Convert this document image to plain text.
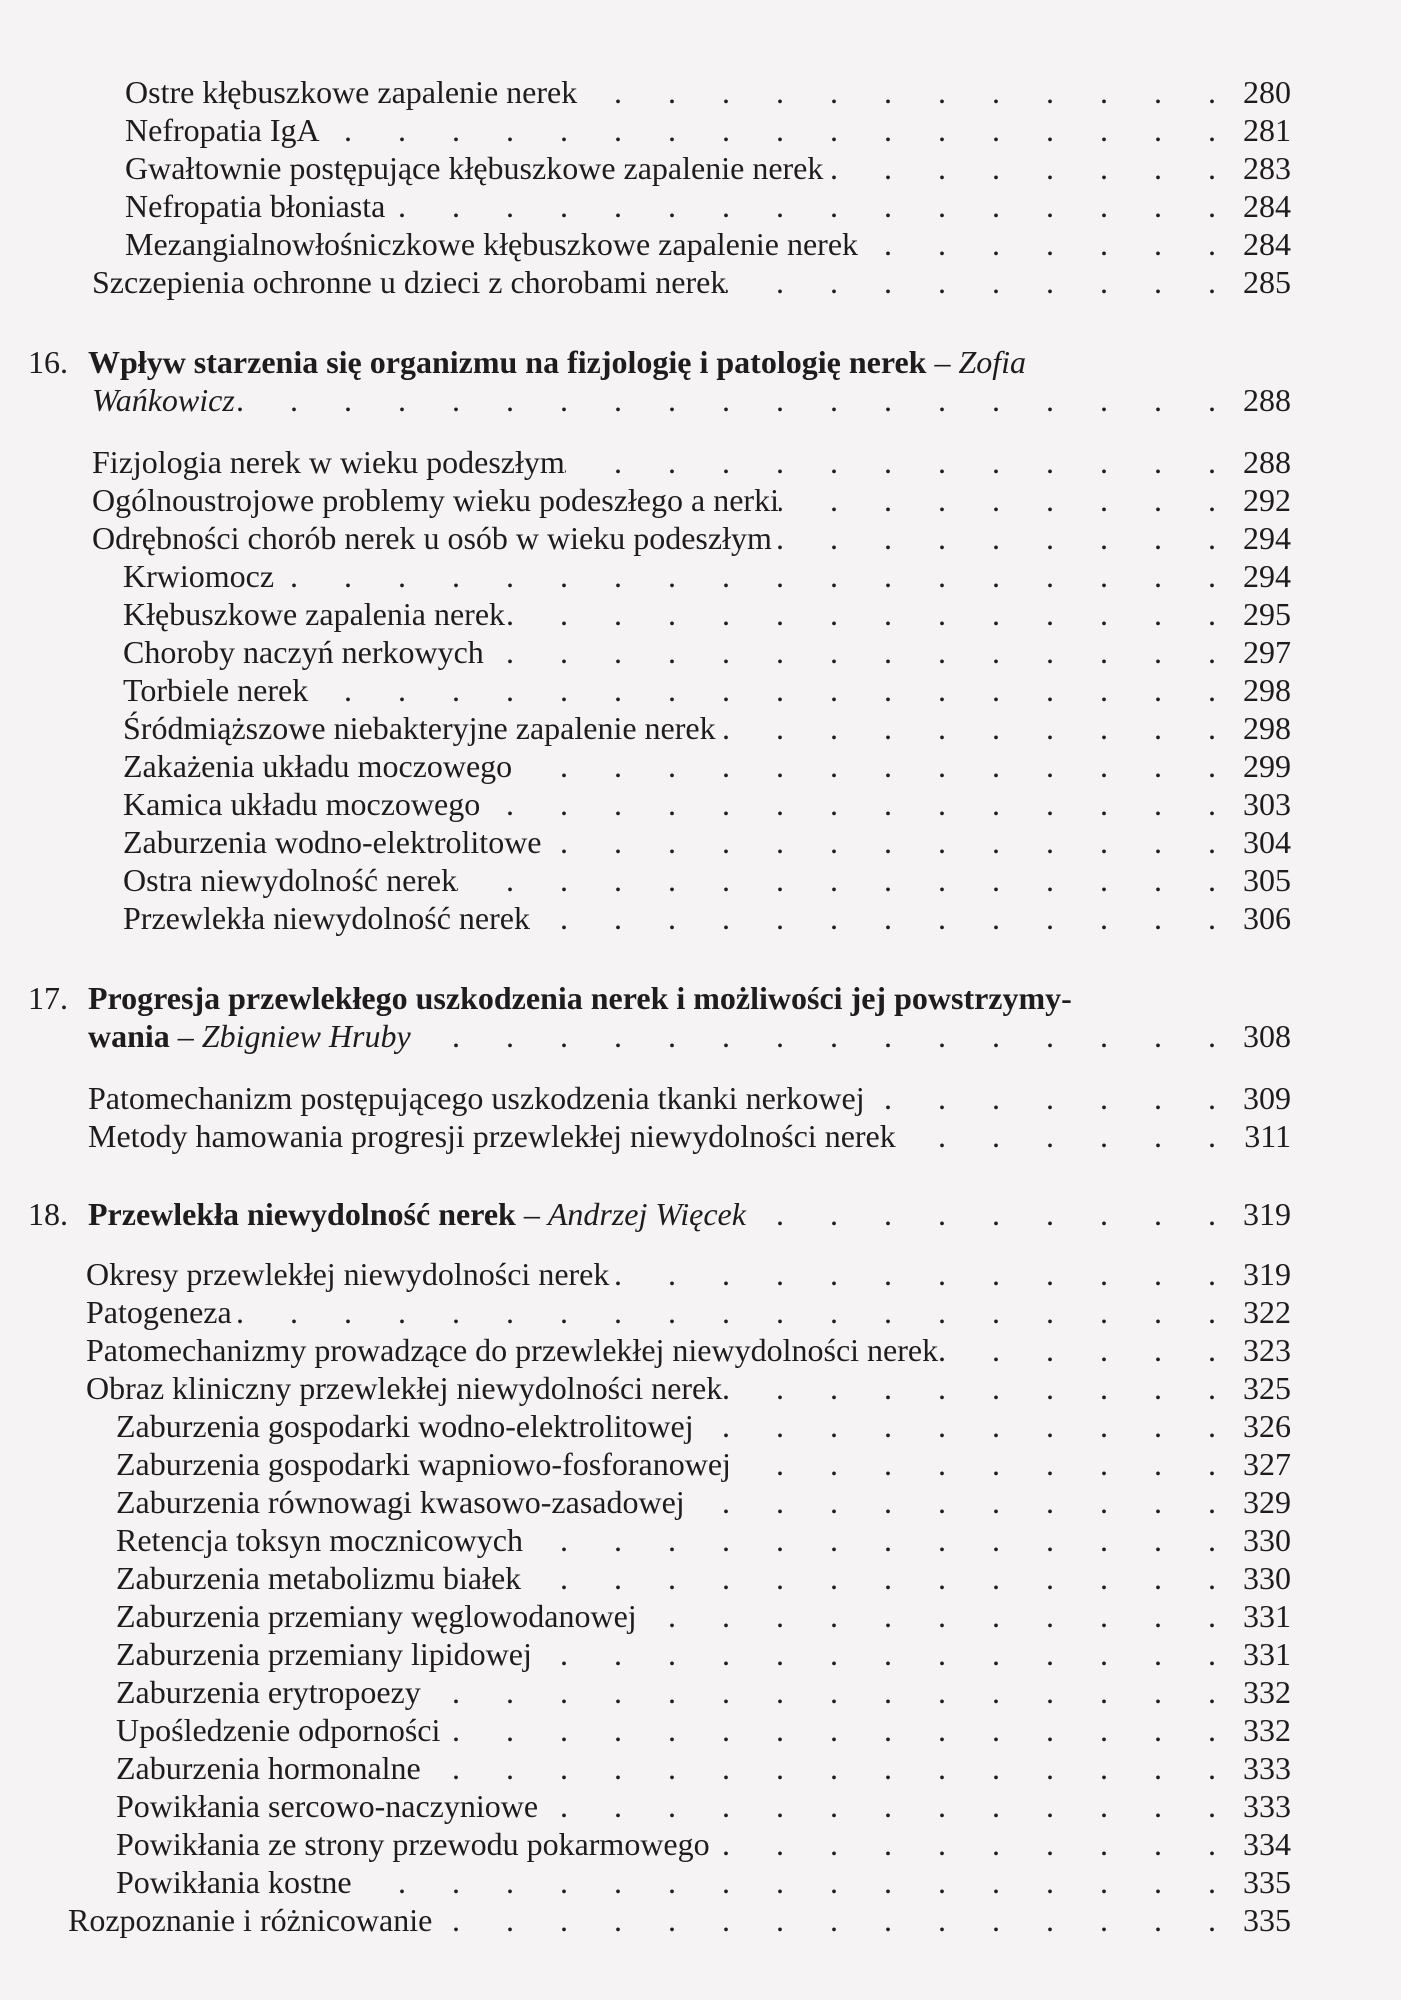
Ostre kłębuszkowe zapalenie nerek . . .	280
Nefropatia IgA . . .	281
Gwałtownie postępujące kłębuszkowe zapalenie nerek . . .	283
Nefropatia błoniasta . . .	284
Mezangialnowłośniczkowe kłębuszkowe zapalenie nerek . . .	284
Szczepienia ochronne u dzieci z chorobami nerek . . .	285
16. Wpływ starzenia się organizmu na fizjologię i patologię nerek – Zofia
Wańkowicz . . .	288
Fizjologia nerek w wieku podeszłym . . .	288
Ogólnoustrojowe problemy wieku podeszłego a nerki . . .	292
Odrębności chorób nerek u osób w wieku podeszłym . . .	294
Krwiomocz . . .	294
Kłębuszkowe zapalenia nerek . . .	295
Choroby naczyń nerkowych . . .	297
Torbiele nerek . . .	298
Śródmiąższowe niebakteryjne zapalenie nerek . . .	298
Zakażenia układu moczowego . . .	299
Kamica układu moczowego . . .	303
Zaburzenia wodno-elektrolitowe . . .	304
Ostra niewydolność nerek . . .	305
Przewlekła niewydolność nerek . . .	306
17. Progresja przewlekłego uszkodzenia nerek i możliwości jej powstrzymy-
wania – Zbigniew Hruby . . .	308
Patomechanizm postępującego uszkodzenia tkanki nerkowej . . .	309
Metody hamowania progresji przewlekłej niewydolności nerek . . .	311
18. Przewlekła niewydolność nerek – Andrzej Więcek . . .	319
Okresy przewlekłej niewydolności nerek . . .	319
Patogeneza . . .	322
Patomechanizmy prowadzące do przewlekłej niewydolności nerek . . .	323
Obraz kliniczny przewlekłej niewydolności nerek . . .	325
Zaburzenia gospodarki wodno-elektrolitowej . . .	326
Zaburzenia gospodarki wapniowo-fosforanowej . . .	327
Zaburzenia równowagi kwasowo-zasadowej . . .	329
Retencja toksyn mocznicowych . . .	330
Zaburzenia metabolizmu białek . . .	330
Zaburzenia przemiany węglowodanowej . . .	331
Zaburzenia przemiany lipidowej . . .	331
Zaburzenia erytropoezy . . .	332
Upośledzenie odporności . . .	332
Zaburzenia hormonalne . . .	333
Powikłania sercowo-naczyniowe . . .	333
Powikłania ze strony przewodu pokarmowego . . .	334
Powikłania kostne . . .	335
Rozpoznanie i różnicowanie . . .	335
